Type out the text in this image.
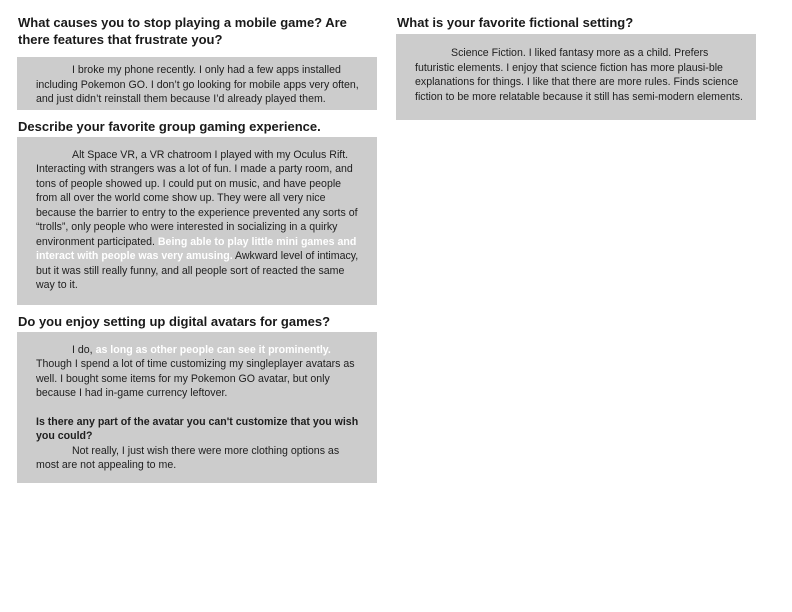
What causes you to stop playing a mobile game? Are there features that frustrate you?

I broke my phone recently. I only had a few apps installed including Pokemon GO. I don’t go looking for mobile apps very often, and just didn’t reinstall them because I’d already played them.

Describe your favorite group gaming experience.

Alt Space VR, a VR chatroom I played with my Oculus Rift. Interacting with strangers was a lot of fun. I made a party room, and tons of people showed up. I could put on music, and have people from all over the world come show up. They were all very nice because the barrier to entry to the experience prevented any sorts of “trolls”, only people who were interested in socializing in a quirky environment participated. Being able to play little mini games and interact with people was very amusing. Awkward level of intimacy, but it was still really funny, and all people sort of reacted the same way to it.

Do you enjoy setting up digital avatars for games?

I do, as long as other people can see it prominently. Though I spend a lot of time customizing my singleplayer avatars as well. I bought some items for my Pokemon GO avatar, but only because I had in-game currency leftover.

Is there any part of the avatar you can't customize that you wish you could?

Not really, I just wish there were more clothing options as most are not appealing to me.

What is your favorite fictional setting?

Science Fiction. I liked fantasy more as a child. Prefers futuristic elements. I enjoy that science fiction has more plausi-ble explanations for things. I like that there are more rules. Finds science fiction to be more relatable because it still has semi-modern elements.
